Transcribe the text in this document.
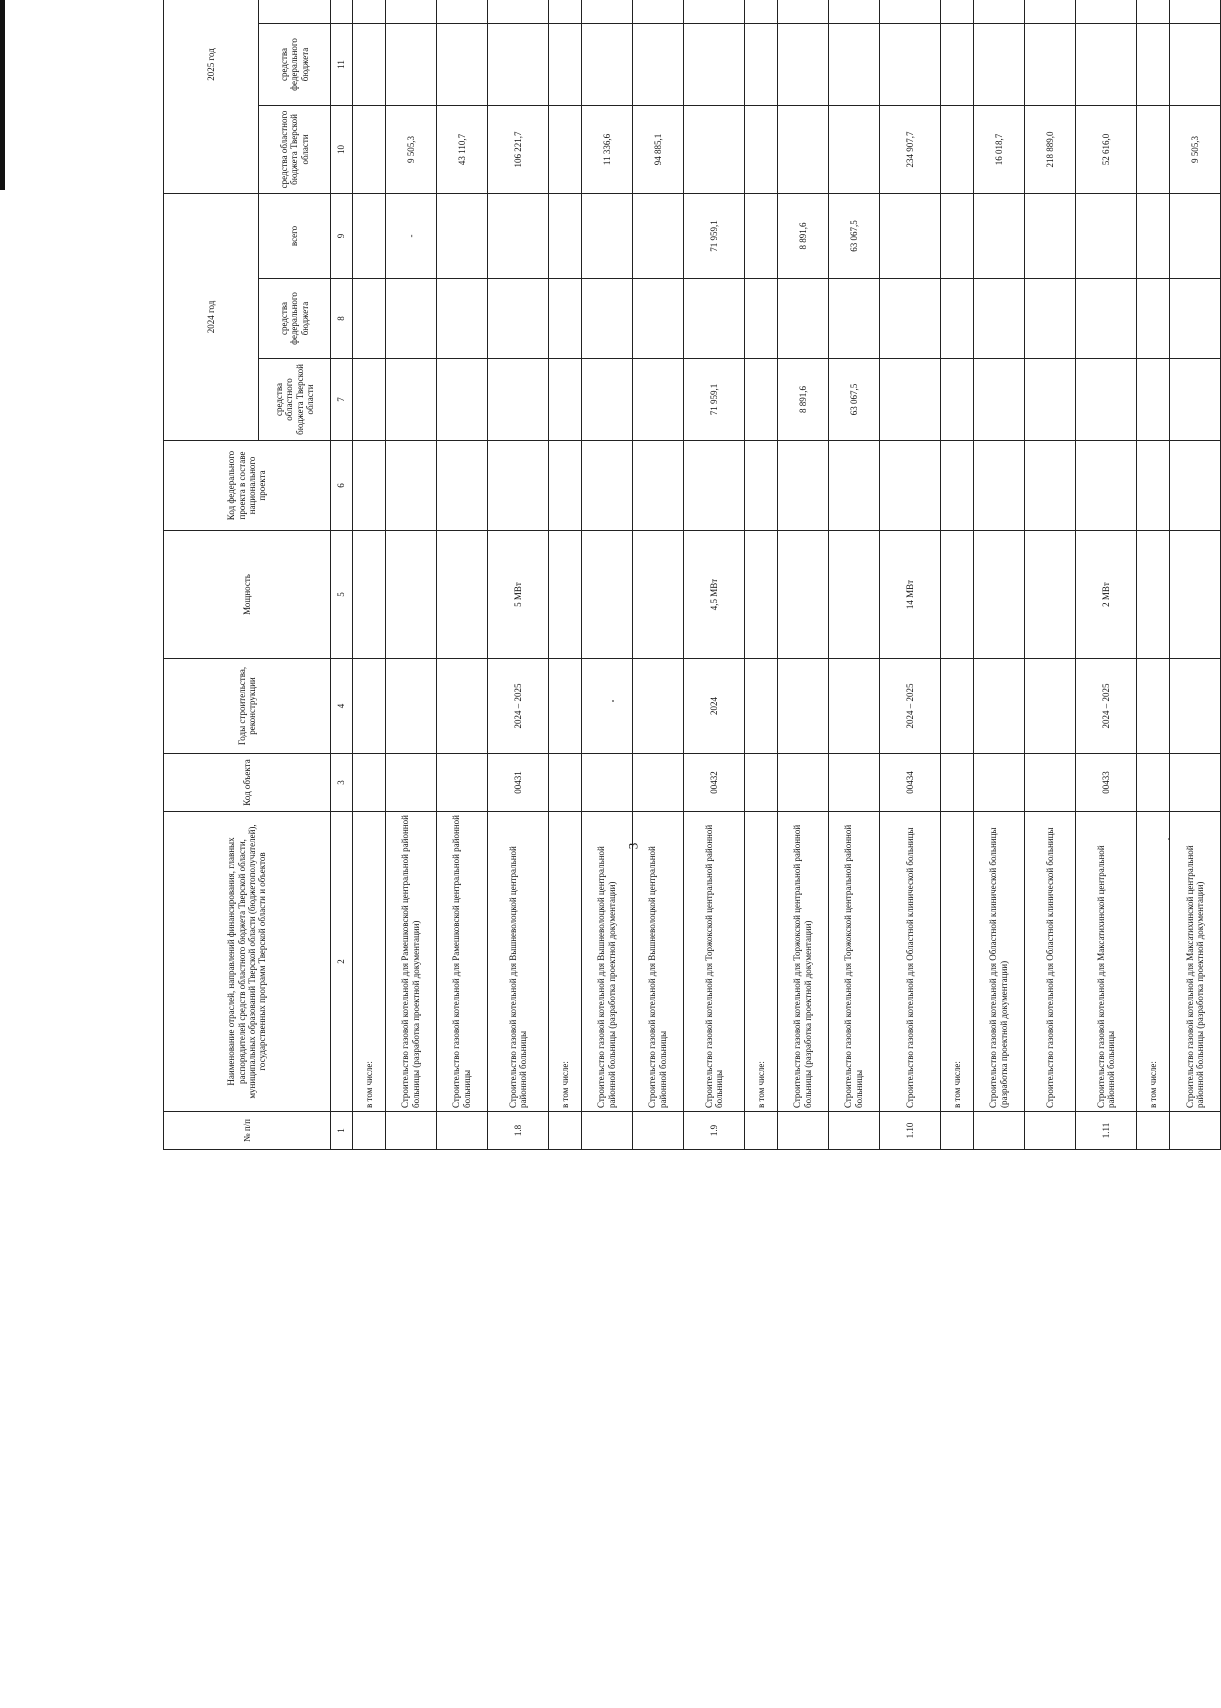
3
№ п/п	Наименование отраслей, направлений финансирования, главных распорядителей средств областного бюджета Тверской области, муниципальных образований Тверской области (бюджетополучателей), государственных программ Тверской области и объектов	Код объекта	Годы строительства, реконструкции	Мощность	Код федерального проекта в составе национального проекта	2024 год			2025 год	
						средства областного бюджета Тверской области	средства федерального бюджета	всего	средства областного бюджета Тверской области	средства федерального бюджета				
1	2	3	4	5	6	7	8	9	10	11				
	в том числе:													
	Строительство газовой котельной для Рамешковской центральной районной больницы (разработка проектной документации)							-	9 505,3					
	Строительство газовой котельной для Рамешковской центральной районной больницы								43 110,7					
1.8	Строительство газовой котельной для Вышневолоцкой центральной районной больницы	00431	2024 – 2025	5 МВт					106 221,7					
	в том числе:													
	Строительство газовой котельной для Вышневолоцкой центральной районной больницы (разработка проектной документации)								11 336,6					
	Строительство газовой котельной для Вышневолоцкой центральной районной больницы								94 885,1					
1.9	Строительство газовой котельной для Торжокской центральной районной больницы	00432	2024	4,5 МВт		71 959,1		71 959,1						
	в том числе:													
	Строительство газовой котельной для Торжокской центральной районной больницы (разработка проектной документации)					8 891,6		8 891,6						
	Строительство газовой котельной для Торжокской центральной районной больницы					63 067,5		63 067,5						
1.10	Строительство газовой котельной для Областной клинической больницы	00434	2024 – 2025	14 МВт					234 907,7					
	в том числе:													
	Строительство газовой котельной для Областной клинической больницы (разработка проектной документации)								16 018,7					
	Строительство газовой котельной для Областной клинической больницы								218 889,0					
1.11	Строительство газовой котельной для Максатихинской центральной районной больницы	00433	2024 – 2025	2 МВт					52 616,0					
	в том числе:													
	Строительство газовой котельной для Максатихинской центральной районной больницы (разработка проектной документации)								9 505,3					
